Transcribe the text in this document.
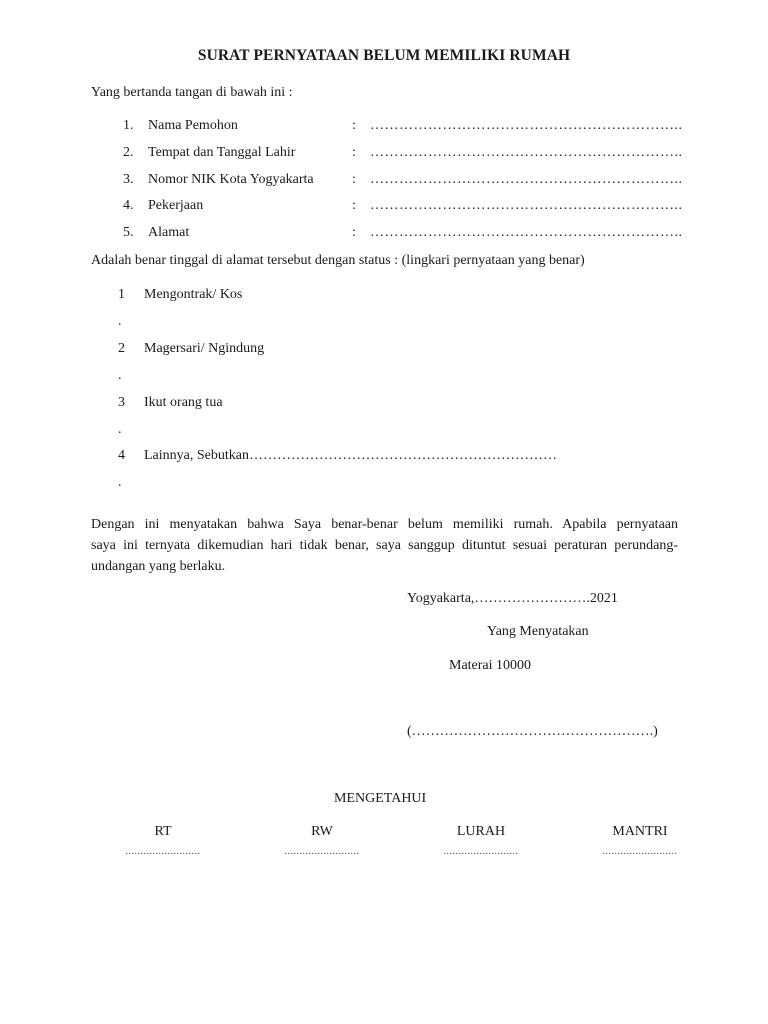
SURAT PERNYATAAN BELUM MEMILIKI RUMAH
Yang bertanda tangan di bawah ini :
1. Nama Pemohon	: ………………………………………………………..
2. Tempat dan Tanggal Lahir	: ………………………………………………………..
3. Nomor NIK Kota Yogyakarta	: ………………………………………………………..
4. Pekerjaan	: ………………………………………………………..
5. Alamat	: ………………………………………………………..
Adalah benar tinggal di alamat tersebut dengan status : (lingkari pernyataan yang benar)
1 Mengontrak/ Kos
.
2 Magersari/ Ngindung
.
3 Ikut orang tua
.
4 Lainnya, Sebutkan…………………………………………………………
.
Dengan ini menyatakan bahwa Saya benar-benar belum memiliki rumah. Apabila pernyataan
saya ini ternyata dikemudian hari tidak benar, saya sanggup dituntut sesuai peraturan perundang-
undangan yang berlaku.
Yogyakarta,…………………….2021
Yang Menyatakan
Materai 10000
(…………………………………………….)
MENGETAHUI
RT
.........................
RW
.........................
LURAH
.........................
MANTRI
.........................
